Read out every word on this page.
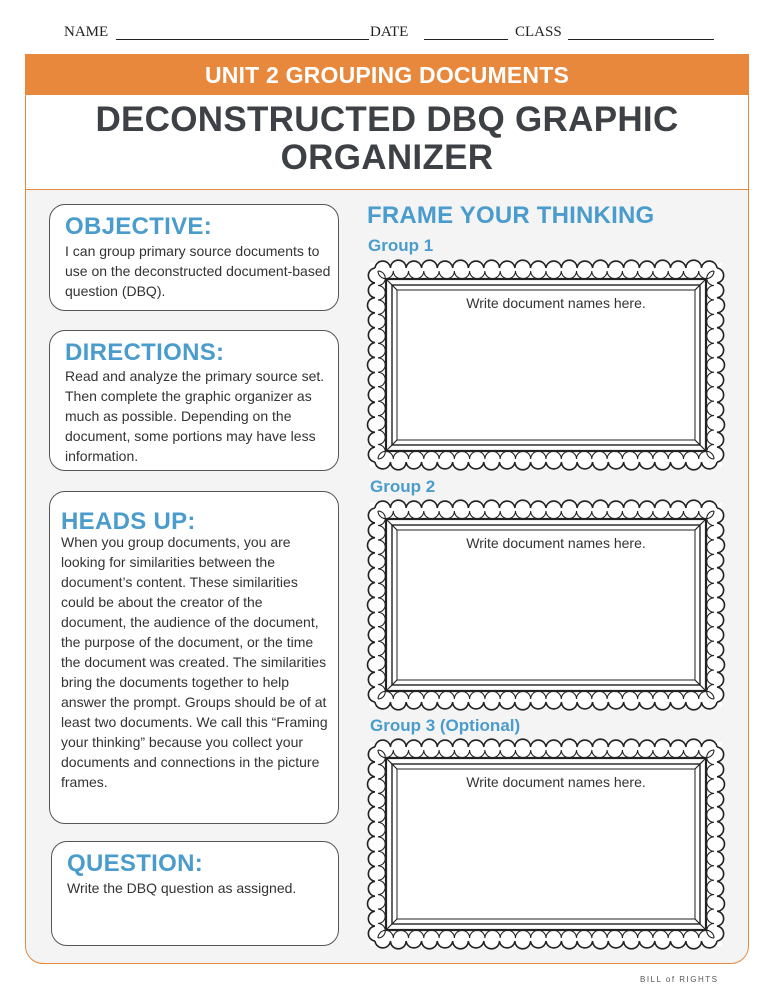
NAME	DATE	CLASS
UNIT 2 GROUPING DOCUMENTS
DECONSTRUCTED DBQ GRAPHIC ORGANIZER
OBJECTIVE:
I can group primary source documents to use on the deconstructed document-based question (DBQ).
DIRECTIONS:
Read and analyze the primary source set. Then complete the graphic organizer as much as possible. Depending on the document, some portions may have less information.
HEADS UP:
When you group documents, you are looking for similarities between the document’s content. These similarities could be about the creator of the document, the audience of the document, the purpose of the document, or the time the document was created. The similarities bring the documents together to help answer the prompt. Groups should be of at least two documents. We call this “Framing your thinking” because you collect your documents and connections in the picture frames.
QUESTION:
Write the DBQ question as assigned.
FRAME YOUR THINKING
Group 1
Write document names here.
Group 2
Write document names here.
Group 3 (Optional)
Write document names here.
BILL of RIGHTS
